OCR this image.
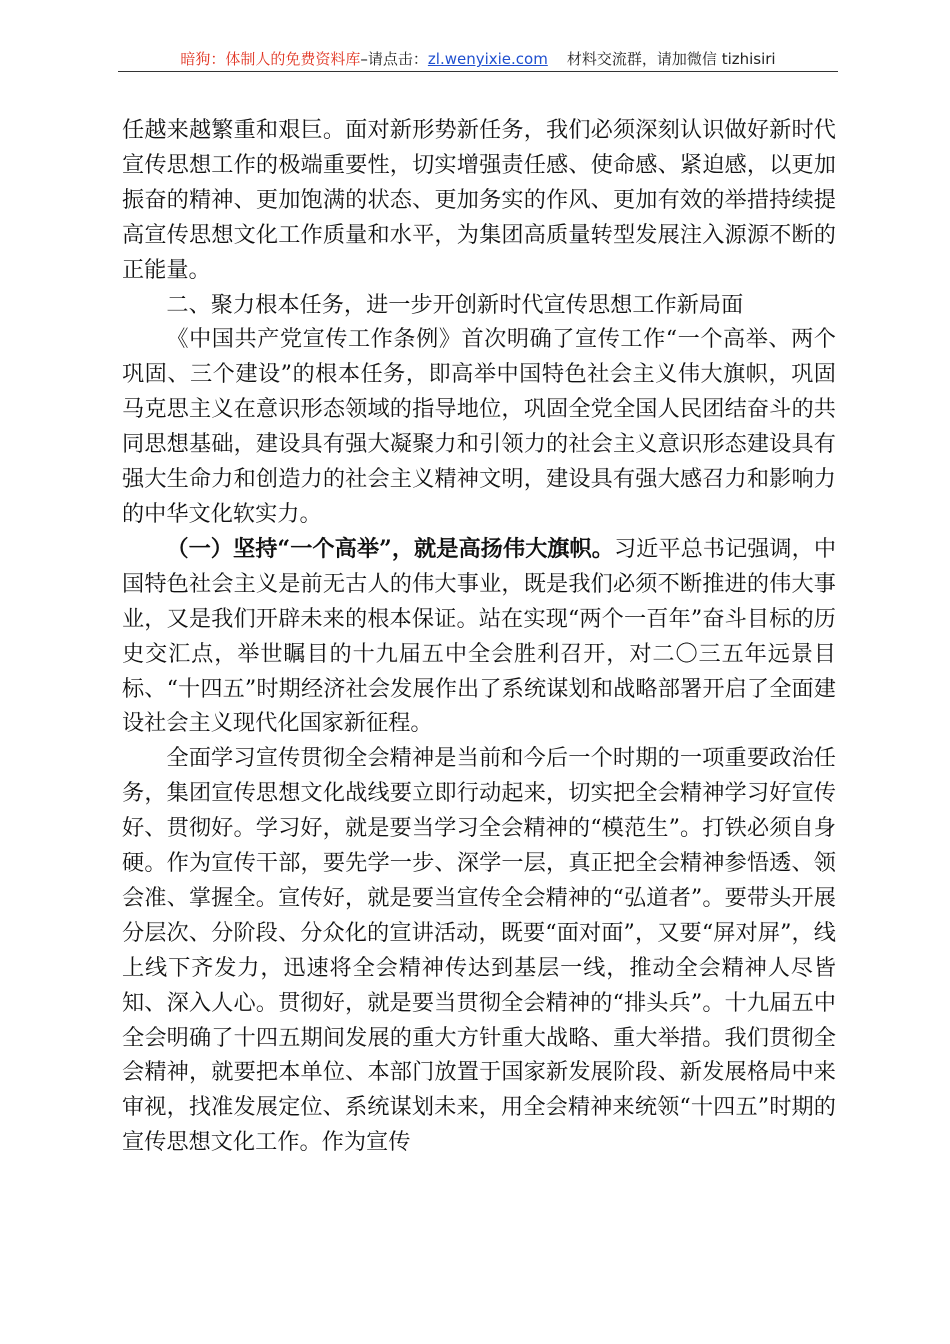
暗狗：体制人的免费资料库–请点击：zl.wenyixie.com 材料交流群，请加微信 tizhisiri

任越来越繁重和艰巨。面对新形势新任务，我们必须深刻认识做好新时代宣传思想工作的极端重要性，切实增强责任感、使命感、紧迫感，以更加振奋的精神、更加饱满的状态、更加务实的作风、更加有效的举措持续提高宣传思想文化工作质量和水平，为集团高质量转型发展注入源源不断的正能量。

二、聚力根本任务，进一步开创新时代宣传思想工作新局面

《中国共产党宣传工作条例》首次明确了宣传工作“一个高举、两个巩固、三个建设”的根本任务，即高举中国特色社会主义伟大旗帜，巩固马克思主义在意识形态领域的指导地位，巩固全党全国人民团结奋斗的共同思想基础，建设具有强大凝聚力和引领力的社会主义意识形态建设具有强大生命力和创造力的社会主义精神文明，建设具有强大感召力和影响力的中华文化软实力。

（一）坚持“一个高举”，就是高扬伟大旗帜。习近平总书记强调，中国特色社会主义是前无古人的伟大事业，既是我们必须不断推进的伟大事业，又是我们开辟未来的根本保证。站在实现“两个一百年”奋斗目标的历史交汇点，举世瞩目的十九届五中全会胜利召开，对二〇三五年远景目标、“十四五”时期经济社会发展作出了系统谋划和战略部署开启了全面建设社会主义现代化国家新征程。

全面学习宣传贯彻全会精神是当前和今后一个时期的一项重要政治任务，集团宣传思想文化战线要立即行动起来，切实把全会精神学习好宣传好、贯彻好。学习好，就是要当学习全会精神的“模范生”。打铁必须自身硬。作为宣传干部，要先学一步、深学一层，真正把全会精神参悟透、领会准、掌握全。宣传好，就是要当宣传全会精神的“弘道者”。要带头开展分层次、分阶段、分众化的宣讲活动，既要“面对面”，又要“屏对屏”，线上线下齐发力，迅速将全会精神传达到基层一线，推动全会精神人尽皆知、深入人心。贯彻好，就是要当贯彻全会精神的“排头兵”。十九届五中全会明确了十四五期间发展的重大方针重大战略、重大举措。我们贯彻全会精神，就要把本单位、本部门放置于国家新发展阶段、新发展格局中来审视，找准发展定位、系统谋划未来，用全会精神来统领“十四五”时期的宣传思想文化工作。作为宣传
